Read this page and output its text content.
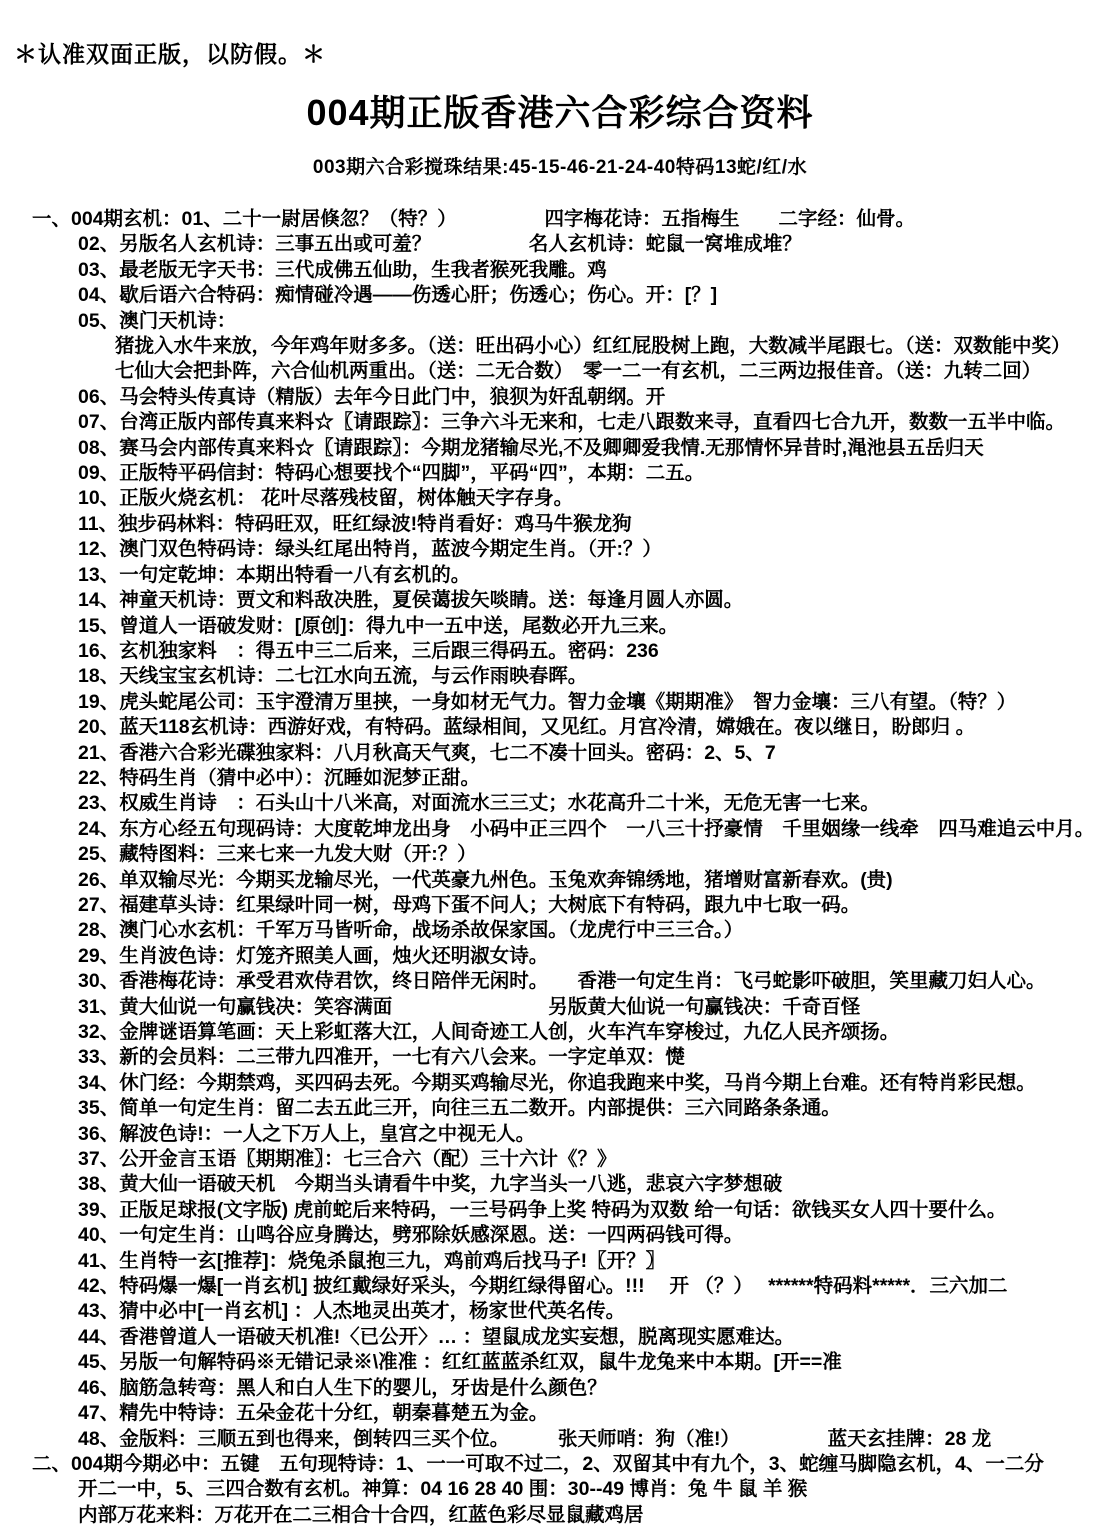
＊认准双面正版，以防假。＊
004期正版香港六合彩综合资料
003期六合彩搅珠结果:45-15-46-21-24-40特码13蛇/红/水
一、004期玄机：01、二十一尉居倏忽？（特？）　　　　　四字梅花诗：五指梅生　　二字经：仙骨。
02、另版名人玄机诗：三事五出或可羞？　　　　　名人玄机诗：蛇鼠一窝堆成堆？
03、最老版无字天书：三代成佛五仙助，生我者猴死我雕。鸡
04、歇后语六合特码：痴情碰冷遇——伤透心肝；伤透心；伤心。开：[？]
05、澳门天机诗：
猪拢入水牛来放，今年鸡年财多多。（送：旺出码小心）红红屁股树上跑，大数减半尾跟七。（送：双数能中奖）
七仙大会把卦阵，六合仙机两重出。（送：二无合数）　零一二一有玄机，二三两边报佳音。（送：九转二回）
06、马会特头传真诗（精版）去年今日此门中，狼狈为奸乱朝纲。开
07、台湾正版内部传真来料☆〖请跟踪〗：三争六斗无来和，七走八跟数来寻，直看四七合九开，数数一五半中临。
08、赛马会内部传真来料☆〖请跟踪〗：今期龙猪输尽光,不及卿卿爱我情.无那情怀异昔时,渑池县五岳归天
09、正版特平码信封：特码心想要找个“四脚”，平码“四”，本期：二五。
10、正版火烧玄机： 花叶尽落残枝留，树体触天字存身。
11、独步码林料：特码旺双，旺红绿波!特肖看好：鸡马牛猴龙狗
12、澳门双色特码诗：绿头红尾出特肖，蓝波今期定生肖。（开:？）
13、一句定乾坤：本期出特看一八有玄机的。
14、神童天机诗：贾文和料敌决胜，夏侯蔼拔矢啖睛。送：每逢月圆人亦圆。
15、曾道人一语破发财：[原创]：得九中一五中送，尾数必开九三来。
16、玄机独家料　：得五中三二后来，三后跟三得码五。密码：236
18、天线宝宝玄机诗：二七江水向五流，与云作雨映春晖。
19、虎头蛇尾公司：玉宇澄清万里挟，一身如材无气力。智力金壤《期期准》　智力金壤：三八有望。（特？）
20、蓝天118玄机诗：西游好戏，有特码。蓝绿相间，又见红。月宫冷清，嫦娥在。夜以继日，盼郎归 。
21、香港六合彩光碟独家料：八月秋高天气爽，七二不凑十回头。密码：2、5、7
22、特码生肖（猜中必中）：沉睡如泥梦正甜。
23、权威生肖诗　：石头山十八米高，对面流水三三丈；水花高升二十米，无危无害一七来。
24、东方心经五句现码诗：大度乾坤龙出身　小码中正三四个　一八三十抒豪情　千里姻缘一线牵　四马难追云中月。
25、藏特图料：三来七来一九发大财（开:？）
26、单双输尽光：今期买龙输尽光，一代英豪九州色。玉兔欢奔锦绣地，猪增财富新春欢。(贵)
27、福建草头诗：红果绿叶同一树，母鸡下蛋不问人；大树底下有特码，跟九中七取一码。
28、澳门心水玄机：千军万马皆听命，战场杀故保家国。（龙虎行中三三合。）
29、生肖波色诗：灯笼齐照美人画，烛火还明淑女诗。
30、香港梅花诗：承受君欢侍君饮，终日陪伴无闲时。　　香港一句定生肖：飞弓蛇影吓破胆，笑里藏刀妇人心。
31、黄大仙说一句赢钱决：笑容满面　　　　　　　　另版黄大仙说一句赢钱决：千奇百怪
32、金牌谜语算笔画：天上彩虹落大江，人间奇迹工人创，火车汽车穿梭过，九亿人民齐颂扬。
33、新的会员料：二三带九四准开，一七有六八会来。一字定单双：憷
34、休门经：今期禁鸡，买四码去死。今期买鸡输尽光，你追我跑来中奖，马肖今期上台难。还有特肖彩民想。
35、简单一句定生肖：留二去五此三开，向往三五二数开。内部提供：三六同路条条通。
36、解波色诗!：一人之下万人上，皇宫之中视无人。
37、公开金言玉语〖期期准〗：七三合六（配）三十六计《？》
38、黄大仙一语破天机　今期当头请看牛中奖，九字当头一八逃，悲哀六字梦想破
39、正版足球报(文字版) 虎前蛇后来特码，一三号码争上奖 特码为双数 给一句话：欲钱买女人四十要什么。
40、一句定生肖：山鸣谷应身腾达，劈邪除妖感深恩。送：一四两码钱可得。
41、生肖特一玄[推荐]：烧兔杀鼠抱三九，鸡前鸡后找马子!〖开？〗
42、特码爆一爆[一肖玄机] 披红戴绿好采头，今期红绿得留心。!!!　 开 （？）　 ******特码料*****．三六加二
43、猜中必中[一肖玄机] ：人杰地灵出英才，杨家世代英名传。
44、香港曾道人一语破天机准!〈已公开〉… ：望鼠成龙实妄想，脱离现实愿难达。
45、另版一句解特码※无错记录※\准准 ：红红蓝蓝杀红双，鼠牛龙兔来中本期。[开==准
46、脑筋急转弯：黑人和白人生下的婴儿，牙齿是什么颜色？
47、精先中特诗：五朵金花十分红，朝秦暮楚五为金。
48、金版料：三顺五到也得来，倒转四三买个位。　　　张天师哨：狗（准!）　　　　　蓝天玄挂牌：28 龙
二、004期今期必中：五键　五句现特诗：1、一一可取不过二，2、双留其中有九个，3、蛇缠马脚隐玄机，4、一二分
开二一中，5、三四合数有玄机。神算：04 16 28 40 围：30--49 博肖：兔 牛 鼠 羊 猴
内部万花来料：万花开在二三相合十合四，红蓝色彩尽显鼠藏鸡居
